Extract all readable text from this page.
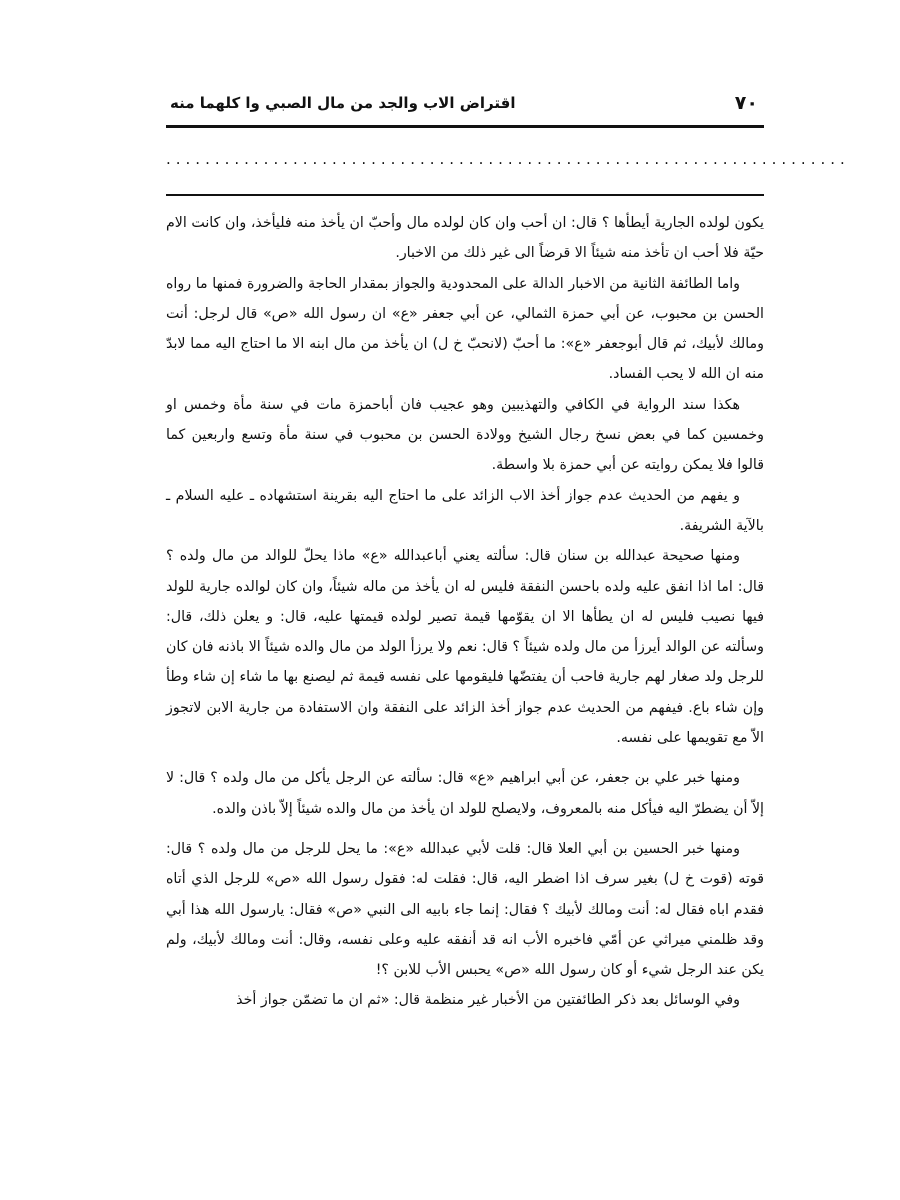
٧٠
اقتراض الاب والجد من مال الصبي وا كلهما منه
......................................................................

يكون لولده الجارية أيطأها ؟ قال: ان أحب وان كان لولده مال وأحبّ ان يأخذ منه فليأخذ، وان كانت الام حيّة فلا أحب ان تأخذ منه شيئاً الا قرضاً الى غير ذلك من الاخبار.

واما الطائفة الثانية من الاخبار الدالة على المحدودية والجواز بمقدار الحاجة والضرورة فمنها ما رواه الحسن بن محبوب، عن أبي حمزة الثمالي، عن أبي جعفر «ع» ان رسول الله «ص» قال لرجل: أنت ومالك لأبيك، ثم قال أبوجعفر «ع»: ما أحبّ (لانحبّ خ ل) ان يأخذ من مال ابنه الا ما احتاج اليه مما لابدّ منه ان الله لا يحب الفساد.

هكذا سند الرواية في الكافي والتهذيبين وهو عجيب فان أباحمزة مات في سنة مأة وخمس او وخمسين كما في بعض نسخ رجال الشيخ وولادة الحسن بن محبوب في سنة مأة وتسع واربعين كما قالوا فلا يمكن روايته عن أبي حمزة بلا واسطة.

و يفهم من الحديث عدم جواز أخذ الاب الزائد على ما احتاج اليه بقرينة استشهاده ـ عليه السلام ـ بالآية الشريفة.

ومنها صحيحة عبدالله بن سنان قال: سألته يعني أباعبدالله «ع» ماذا يحلّ للوالد من مال ولده ؟ قال: اما اذا انفق عليه ولده باحسن النفقة فليس له ان يأخذ من ماله شيئاً، وان كان لوالده جارية للولد فيها نصيب فليس له ان يطأها الا ان يقوّمها قيمة تصير لولده قيمتها عليه، قال: و يعلن ذلك، قال: وسألته عن الوالد أيرزأ من مال ولده شيئاً ؟ قال: نعم ولا يرزأ الولد من مال والده شيئاً الا باذنه فان كان للرجل ولد صغار لهم جارية فاحب أن يفتضّها فليقومها على نفسه قيمة ثم ليصنع بها ما شاء إن شاء وطأ وإن شاء باع. فيفهم من الحديث عدم جواز أخذ الزائد على النفقة وان الاستفادة من جارية الابن لاتجوز الاّ مع تقويمها على نفسه.

ومنها خبر علي بن جعفر، عن أبي ابراهيم «ع» قال: سألته عن الرجل يأكل من مال ولده ؟ قال: لا إلاّ أن يضطرّ اليه فيأكل منه بالمعروف، ولايصلح للولد ان يأخذ من مال والده شيئاً إلاّ باذن والده.

ومنها خبر الحسين بن أبي العلا قال: قلت لأبي عبدالله «ع»: ما يحل للرجل من مال ولده ؟ قال: قوته (قوت خ ل) بغير سرف اذا اضطر اليه، قال: فقلت له: فقول رسول الله «ص» للرجل الذي أتاه فقدم اباه فقال له: أنت ومالك لأبيك ؟ فقال: إنما جاء بابيه الى النبي «ص» فقال: يارسول الله هذا أبي وقد ظلمني ميراثي عن أمّي فاخبره الأب انه قد أنفقه عليه وعلى نفسه، وقال: أنت ومالك لأبيك، ولم يكن عند الرجل شيء أو كان رسول الله «ص» يحبس الأب للابن ؟!

وفي الوسائل بعد ذكر الطائفتين من الأخبار غير منظمة قال: «ثم ان ما تضمّن جواز أخذ
